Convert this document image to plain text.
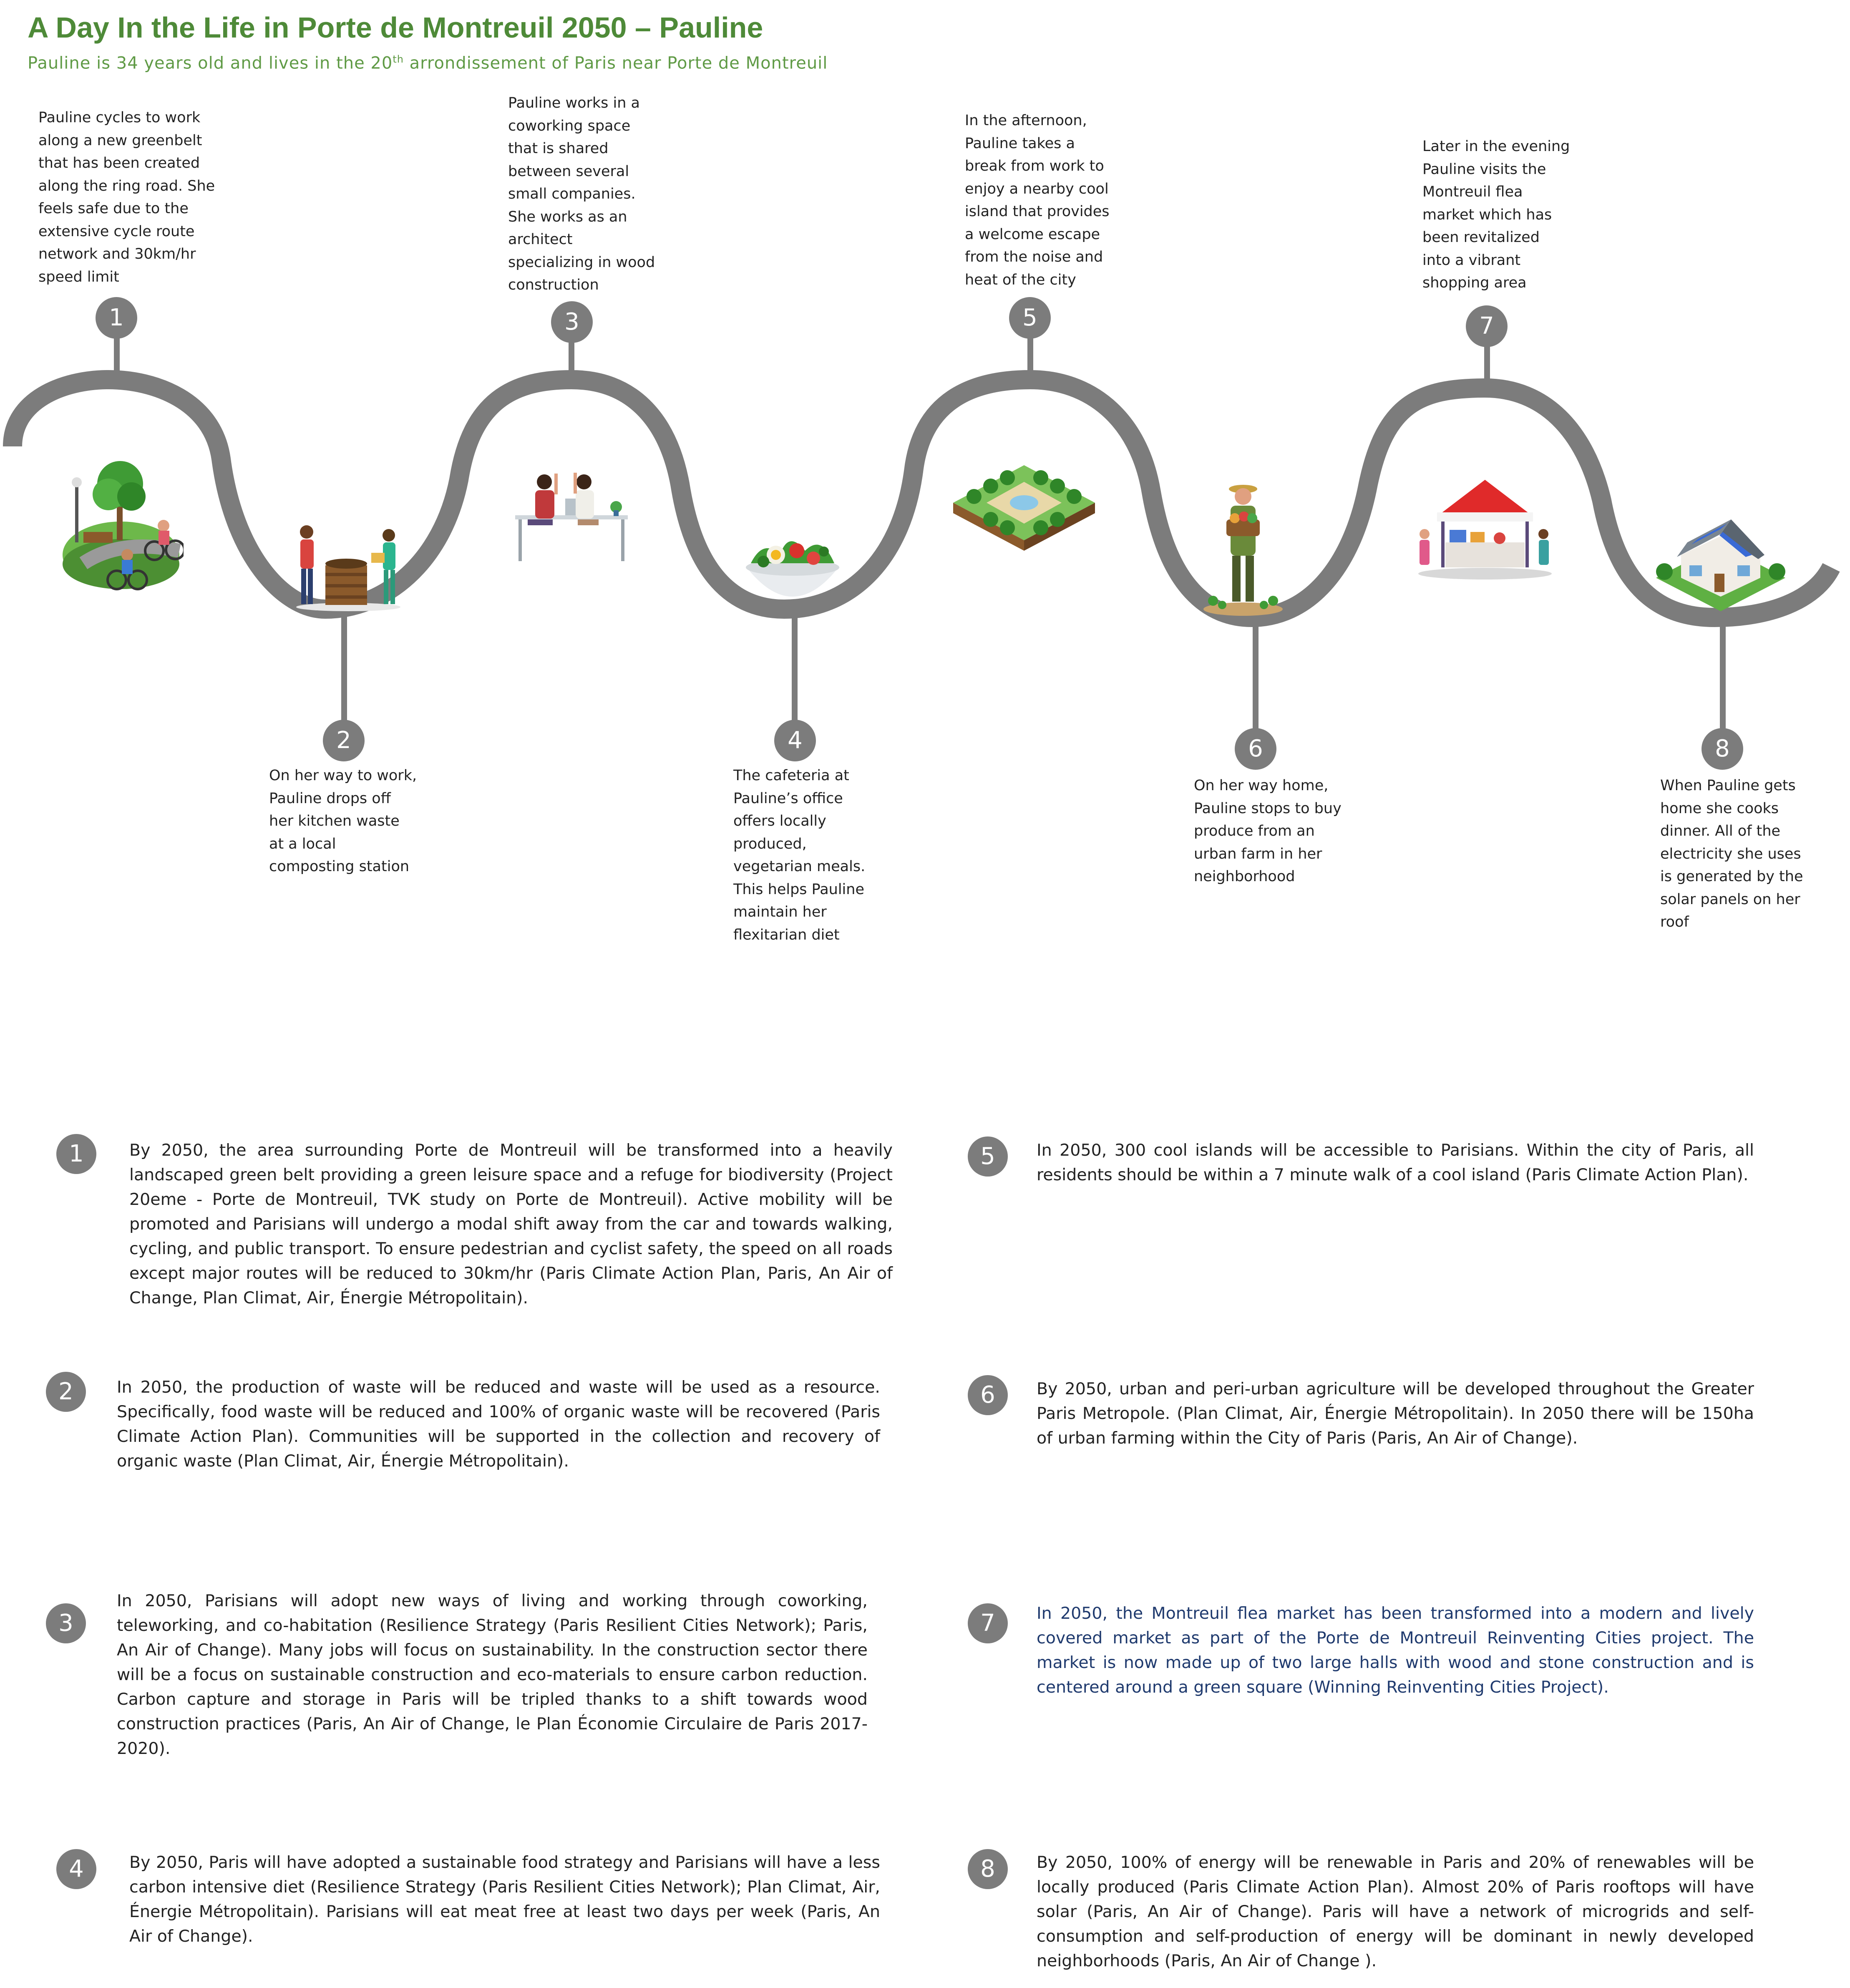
A Day In the Life in Porte de Montreuil 2050 – Pauline
Pauline is 34 years old and lives in the 20th arrondissement of Paris near Porte de Montreuil
1
2
3
4
5
6
7
8
Pauline cycles to work
along a new greenbelt
that has been created
along the ring road. She
feels safe due to the
extensive cycle route
network and 30km/hr
speed limit
Pauline works in a
coworking space
that is shared
between several
small companies.
She works as an
architect
specializing in wood
construction
In the afternoon,
Pauline takes a
break from work to
enjoy a nearby cool
island that provides
a welcome escape
from the noise and
heat of the city
Later in the evening
Pauline visits the
Montreuil flea
market which has
been revitalized
into a vibrant
shopping area
On her way to work,
Pauline drops off
her kitchen waste
at a local
composting station
The cafeteria at
Pauline’s office
offers locally
produced,
vegetarian meals.
This helps Pauline
maintain her
flexitarian diet
On her way home,
Pauline stops to buy
produce from an
urban farm in her
neighborhood
When Pauline gets
home she cooks
dinner. All of the
electricity she uses
is generated by the
solar panels on her
roof
1	By 2050, the area surrounding Porte de Montreuil will be transformed into a heavily
landscaped green belt providing a green leisure space and a refuge for biodiversity (Project
20eme - Porte de Montreuil, TVK study on Porte de Montreuil). Active mobility will be
promoted and Parisians will undergo a modal shift away from the car and towards walking,
cycling, and public transport. To ensure pedestrian and cyclist safety, the speed on all roads
except major routes will be reduced to 30km/hr (Paris Climate Action Plan, Paris, An Air of
Change, Plan Climat, Air, Énergie Métropolitain).
2	In 2050, the production of waste will be reduced and waste will be used as a resource.
Specifically, food waste will be reduced and 100% of organic waste will be recovered (Paris
Climate Action Plan). Communities will be supported in the collection and recovery of
organic waste (Plan Climat, Air, Énergie Métropolitain).
3
In 2050, Parisians will adopt new ways of living and working through coworking,
teleworking, and co-habitation (Resilience Strategy (Paris Resilient Cities Network); Paris,
An Air of Change). Many jobs will focus on sustainability. In the construction sector there
will be a focus on sustainable construction and eco-materials to ensure carbon reduction.
Carbon capture and storage in Paris will be tripled thanks to a shift towards wood
construction practices (Paris, An Air of Change, le Plan Économie Circulaire de Paris 2017-
2020).
4	By 2050, Paris will have adopted a sustainable food strategy and Parisians will have a less
carbon intensive diet (Resilience Strategy (Paris Resilient Cities Network); Plan Climat, Air,
Énergie Métropolitain). Parisians will eat meat free at least two days per week (Paris, An
Air of Change).
5	In 2050, 300 cool islands will be accessible to Parisians. Within the city of Paris, all
residents should be within a 7 minute walk of a cool island (Paris Climate Action Plan).
6	By 2050, urban and peri-urban agriculture will be developed throughout the Greater
Paris Metropole. (Plan Climat, Air, Énergie Métropolitain). In 2050 there will be 150ha
of urban farming within the City of Paris (Paris, An Air of Change).
7	In 2050, the Montreuil flea market has been transformed into a modern and lively
covered market as part of the Porte de Montreuil Reinventing Cities project. The
market is now made up of two large halls with wood and stone construction and is
centered around a green square (Winning Reinventing Cities Project).
8	By 2050, 100% of energy will be renewable in Paris and 20% of renewables will be
locally produced (Paris Climate Action Plan). Almost 20% of Paris rooftops will have
solar (Paris, An Air of Change). Paris will have a network of microgrids and self-
consumption and self-production of energy will be dominant in newly developed
neighborhoods (Paris, An Air of Change ).
